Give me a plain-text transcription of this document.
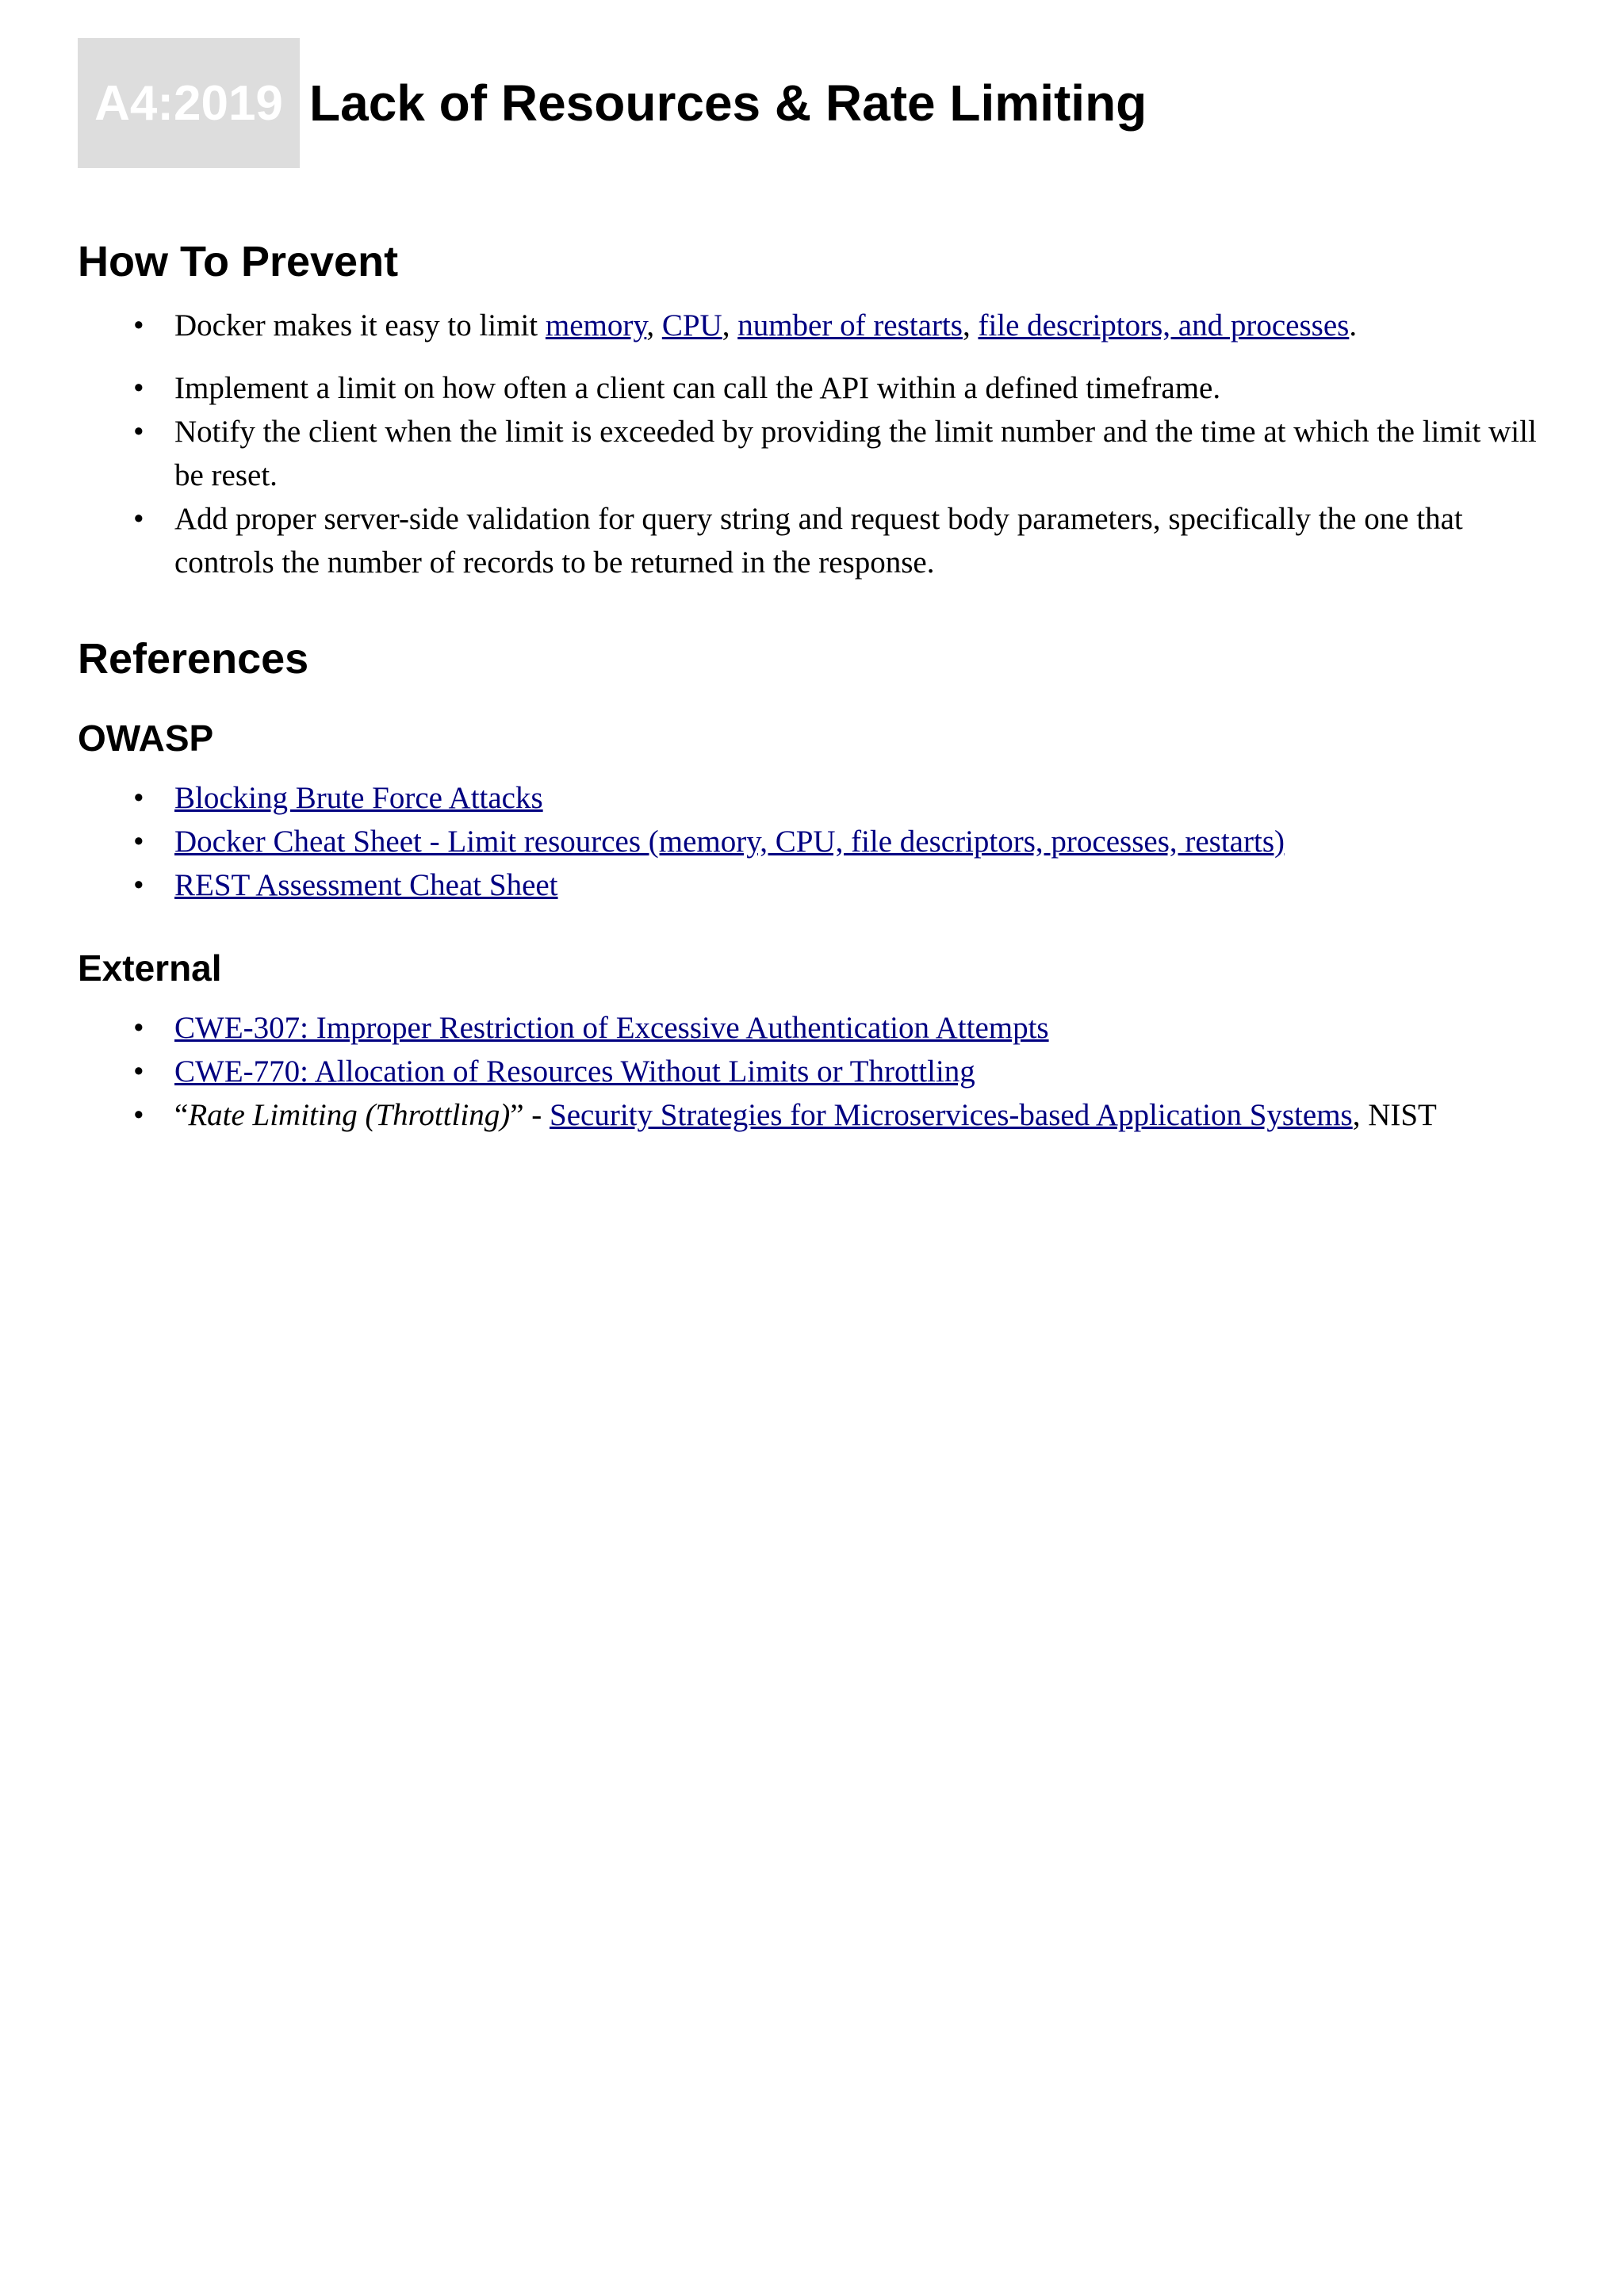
A4:2019 Lack of Resources & Rate Limiting
How To Prevent
• Docker makes it easy to limit memory, CPU, number of restarts, file descriptors, and processes.
• Implement a limit on how often a client can call the API within a defined timeframe.
• Notify the client when the limit is exceeded by providing the limit number and the time at which the limit will be reset.
• Add proper server-side validation for query string and request body parameters, specifically the one that controls the number of records to be returned in the response.
References
OWASP
• Blocking Brute Force Attacks
• Docker Cheat Sheet - Limit resources (memory, CPU, file descriptors, processes, restarts)
• REST Assessment Cheat Sheet
External
• CWE-307: Improper Restriction of Excessive Authentication Attempts
• CWE-770: Allocation of Resources Without Limits or Throttling
• “Rate Limiting (Throttling)” - Security Strategies for Microservices-based Application Systems, NIST
